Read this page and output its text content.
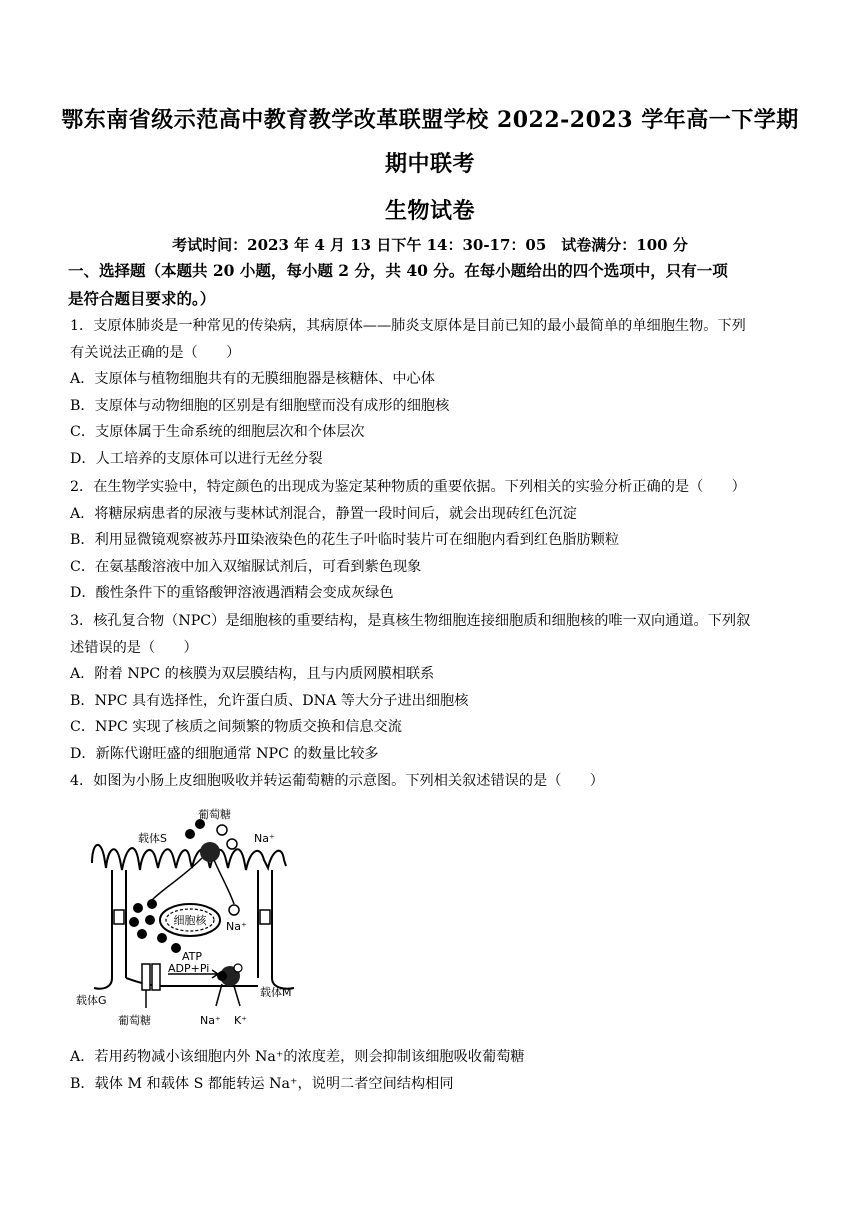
鄂东南省级示范高中教育教学改革联盟学校 2022-2023 学年高一下学期
期中联考
生物试卷
考试时间：2023 年 4 月 13 日下午 14：30-17：05　试卷满分：100 分
一、选择题（本题共 20 小题，每小题 2 分，共 40 分。在每小题给出的四个选项中，只有一项
是符合题目要求的。）
1．支原体肺炎是一种常见的传染病，其病原体——肺炎支原体是目前已知的最小最简单的单细胞生物。下列
有关说法正确的是（　　）
A．支原体与植物细胞共有的无膜细胞器是核糖体、中心体
B．支原体与动物细胞的区别是有细胞壁而没有成形的细胞核
C．支原体属于生命系统的细胞层次和个体层次
D．人工培养的支原体可以进行无丝分裂
2．在生物学实验中，特定颜色的出现成为鉴定某种物质的重要依据。下列相关的实验分析正确的是（　　）
A．将糖尿病患者的尿液与斐林试剂混合，静置一段时间后，就会出现砖红色沉淀
B．利用显微镜观察被苏丹Ⅲ染液染色的花生子叶临时装片可在细胞内看到红色脂肪颗粒
C．在氨基酸溶液中加入双缩脲试剂后，可看到紫色现象
D．酸性条件下的重铬酸钾溶液遇酒精会变成灰绿色
3．核孔复合物（NPC）是细胞核的重要结构，是真核生物细胞连接细胞质和细胞核的唯一双向通道。下列叙
述错误的是（　　）
A．附着 NPC 的核膜为双层膜结构，且与内质网膜相联系
B．NPC 具有选择性，允许蛋白质、DNA 等大分子进出细胞核
C．NPC 实现了核质之间频繁的物质交换和信息交流
D．新陈代谢旺盛的细胞通常 NPC 的数量比较多
4．如图为小肠上皮细胞吸收并转运葡萄糖的示意图。下列相关叙述错误的是（　　）
葡萄糖
载体S	Na⁺
细胞核 Na⁺
ATP
ADP+Pi
载体G
载体M
葡萄糖	Na⁺ K⁺
A．若用药物减小该细胞内外 Na⁺的浓度差，则会抑制该细胞吸收葡萄糖
B．载体 M 和载体 S 都能转运 Na⁺，说明二者空间结构相同
